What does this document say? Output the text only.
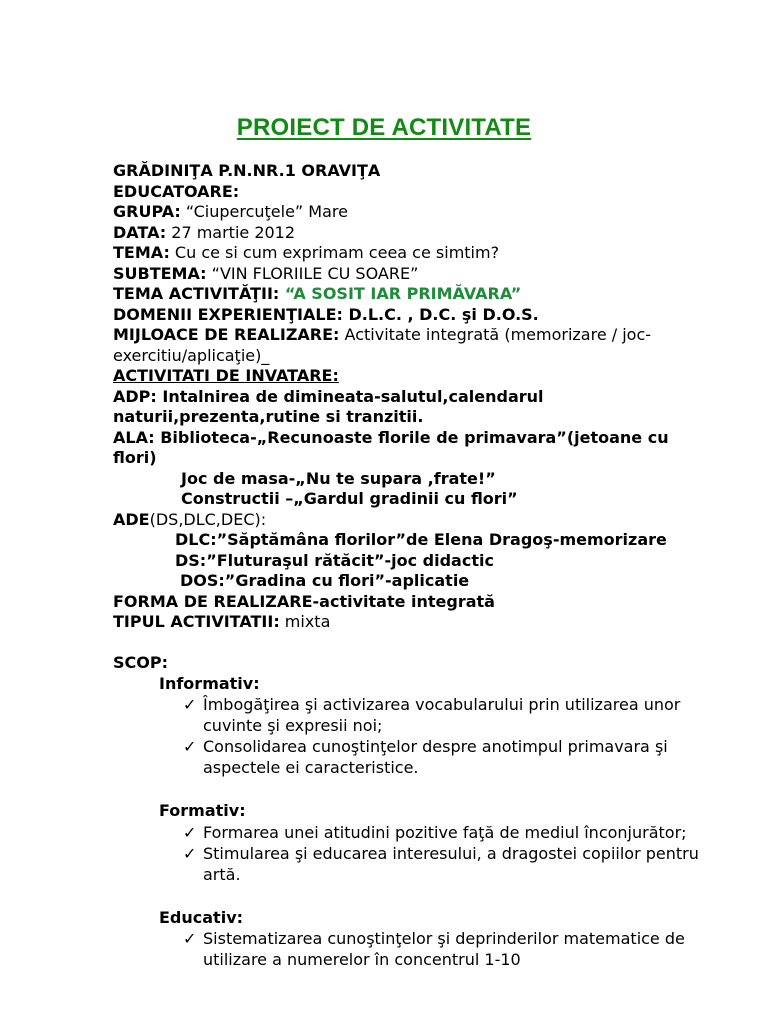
PROIECT DE ACTIVITATE
GRĂDINIŢA P.N.NR.1 ORAVIŢA
EDUCATOARE:
GRUPA: “Ciupercuţele” Mare
DATA: 27 martie 2012
TEMA: Cu ce si cum exprimam ceea ce simtim?
SUBTEMA: “VIN FLORIILE CU SOARE”
TEMA ACTIVITĂŢII: “A SOSIT IAR PRIMĂVARA”
DOMENII EXPERIENŢIALE: D.L.C. , D.C. şi D.O.S.
MIJLOACE DE REALIZARE: Activitate integrată (memorizare / joc-
exercitiu/aplicaţie)_
ACTIVITATI DE INVATARE:
ADP: Intalnirea de dimineata-salutul,calendarul
naturii,prezenta,rutine si tranzitii.
ALA: Biblioteca-„Recunoaste florile de primavara”(jetoane cu
flori)
Joc de masa-„Nu te supara ,frate!”
Constructii –„Gardul gradinii cu flori”
ADE(DS,DLC,DEC):
DLC:”Săptămâna florilor”de Elena Dragoş-memorizare
DS:”Fluturaşul rătăcit”-joc didactic
DOS:”Gradina cu flori”-aplicatie
FORMA DE REALIZARE-activitate integrată
TIPUL ACTIVITATII: mixta
SCOP:
Informativ:
✓ Îmbogăţirea şi activizarea vocabularului prin utilizarea unor
cuvinte şi expresii noi;
✓ Consolidarea cunoştinţelor despre anotimpul primavara şi
aspectele ei caracteristice.
Formativ:
✓ Formarea unei atitudini pozitive faţă de mediul înconjurător;
✓ Stimularea şi educarea interesului, a dragostei copiilor pentru
artă.
Educativ:
✓ Sistematizarea cunoştinţelor şi deprinderilor matematice de
utilizare a numerelor în concentrul 1-10
